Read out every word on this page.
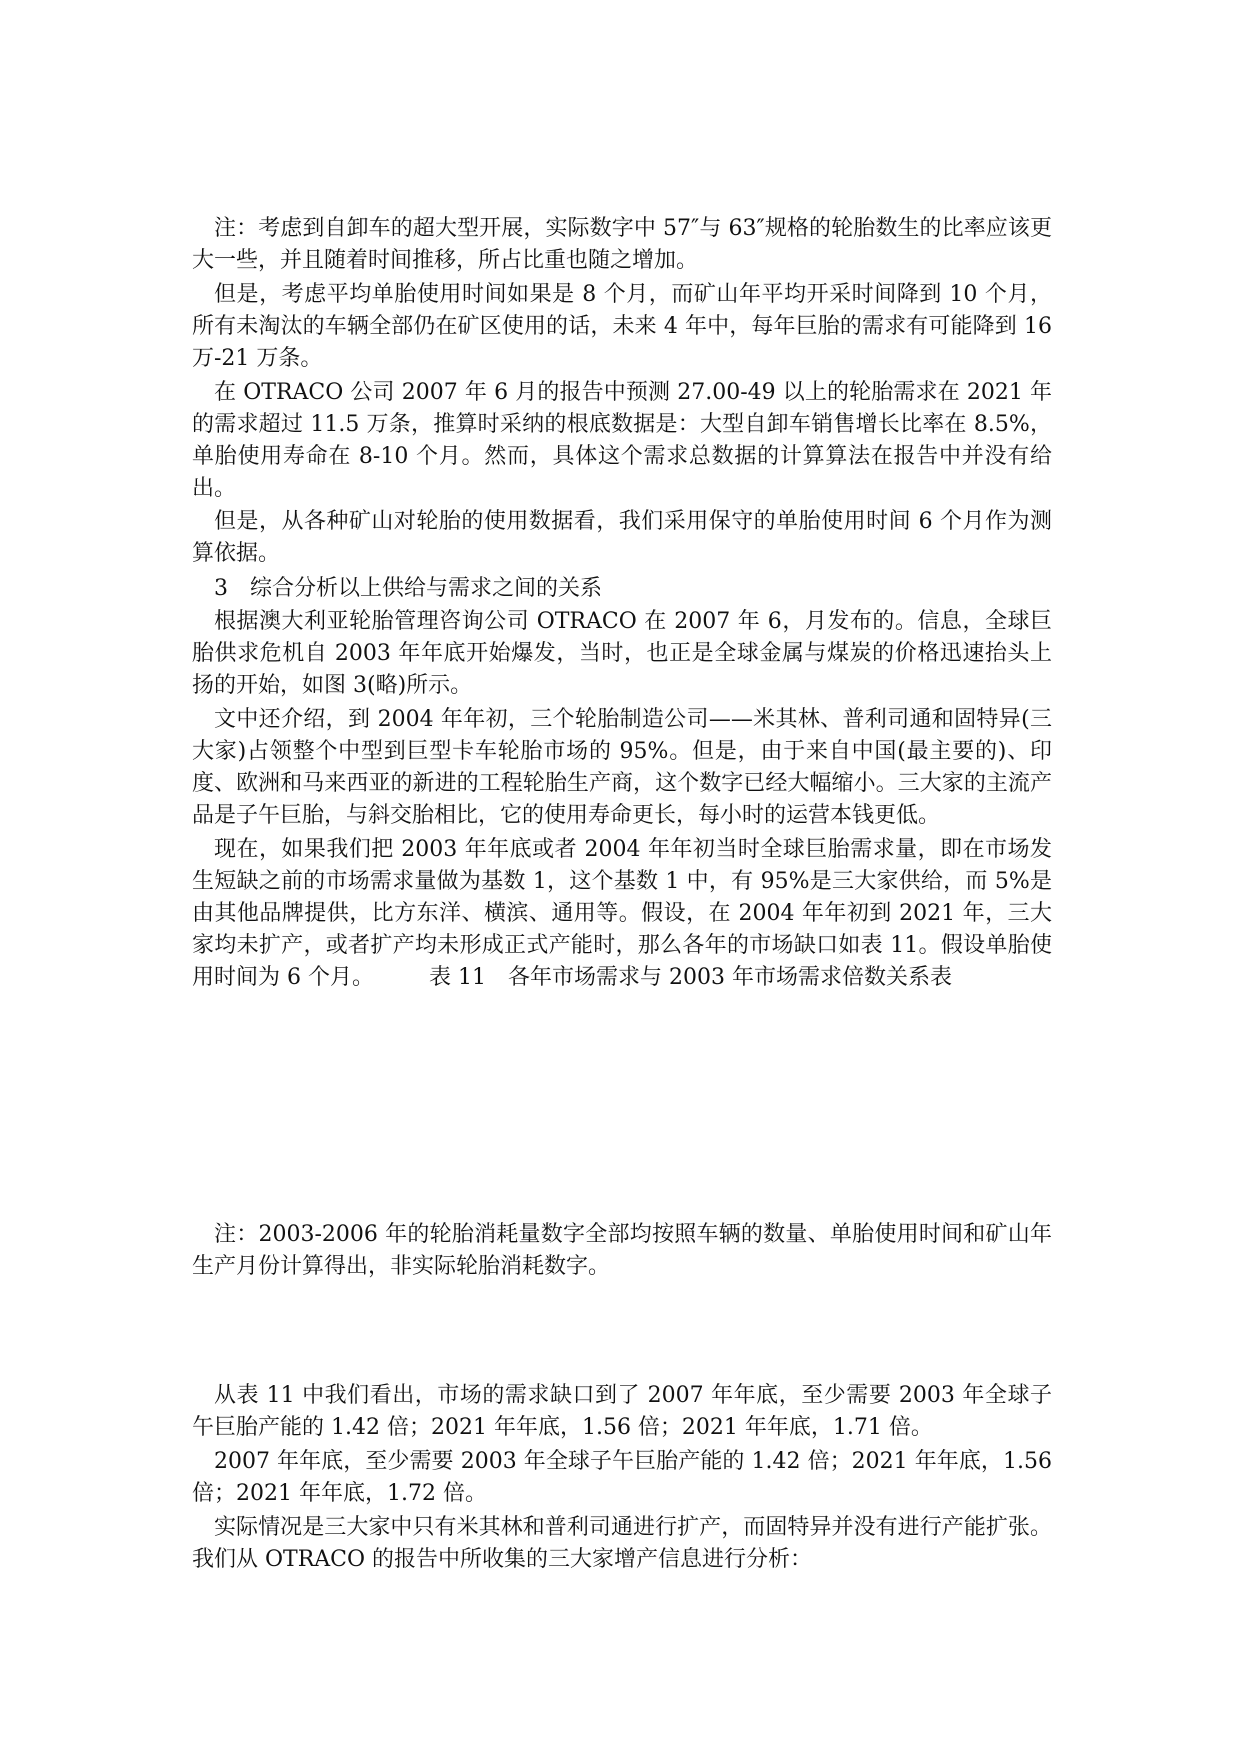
注：考虑到自卸车的超大型开展，实际数字中 57″与 63″规格的轮胎数生的比率应该更大一些，并且随着时间推移，所占比重也随之增加。

但是，考虑平均单胎使用时间如果是 8 个月，而矿山年平均开采时间降到 10 个月，所有未淘汰的车辆全部仍在矿区使用的话，未来 4 年中，每年巨胎的需求有可能降到 16 万-21 万条。

在 OTRACO 公司 2007 年 6 月的报告中预测 27.00-49 以上的轮胎需求在 2021 年的需求超过 11.5 万条，推算时采纳的根底数据是：大型自卸车销售增长比率在 8.5%，单胎使用寿命在 8-10 个月。然而，具体这个需求总数据的计算算法在报告中并没有给出。

但是，从各种矿山对轮胎的使用数据看，我们采用保守的单胎使用时间 6 个月作为测算依据。

3　综合分析以上供给与需求之间的关系

根据澳大利亚轮胎管理咨询公司 OTRACO 在 2007 年 6，月发布的。信息，全球巨胎供求危机自 2003 年年底开始爆发，当时，也正是全球金属与煤炭的价格迅速抬头上扬的开始，如图 3(略)所示。

文中还介绍，到 2004 年年初，三个轮胎制造公司——米其林、普利司通和固特异(三大家)占领整个中型到巨型卡车轮胎市场的 95%。但是，由于来自中国(最主要的)、印度、欧洲和马来西亚的新进的工程轮胎生产商，这个数字已经大幅缩小。三大家的主流产品是子午巨胎，与斜交胎相比，它的使用寿命更长，每小时的运营本钱更低。

现在，如果我们把 2003 年年底或者 2004 年年初当时全球巨胎需求量，即在市场发生短缺之前的市场需求量做为基数 1，这个基数 1 中，有 95%是三大家供给，而 5%是由其他品牌提供，比方东洋、横滨、通用等。假设，在 2004 年年初到 2021 年，三大家均未扩产，或者扩产均未形成正式产能时，那么各年的市场缺口如表 11。假设单胎使用时间为 6 个月。　　　表 11　各年市场需求与 2003 年市场需求倍数关系表

注：2003-2006 年的轮胎消耗量数字全部均按照车辆的数量、单胎使用时间和矿山年生产月份计算得出，非实际轮胎消耗数字。

从表 11 中我们看出，市场的需求缺口到了 2007 年年底，至少需要 2003 年全球子午巨胎产能的 1.42 倍；2021 年年底，1.56 倍；2021 年年底，1.71 倍。

2007 年年底，至少需要 2003 年全球子午巨胎产能的 1.42 倍；2021 年年底，1.56 倍；2021 年年底，1.72 倍。

实际情况是三大家中只有米其林和普利司通进行扩产，而固特异并没有进行产能扩张。我们从 OTRACO 的报告中所收集的三大家增产信息进行分析：
